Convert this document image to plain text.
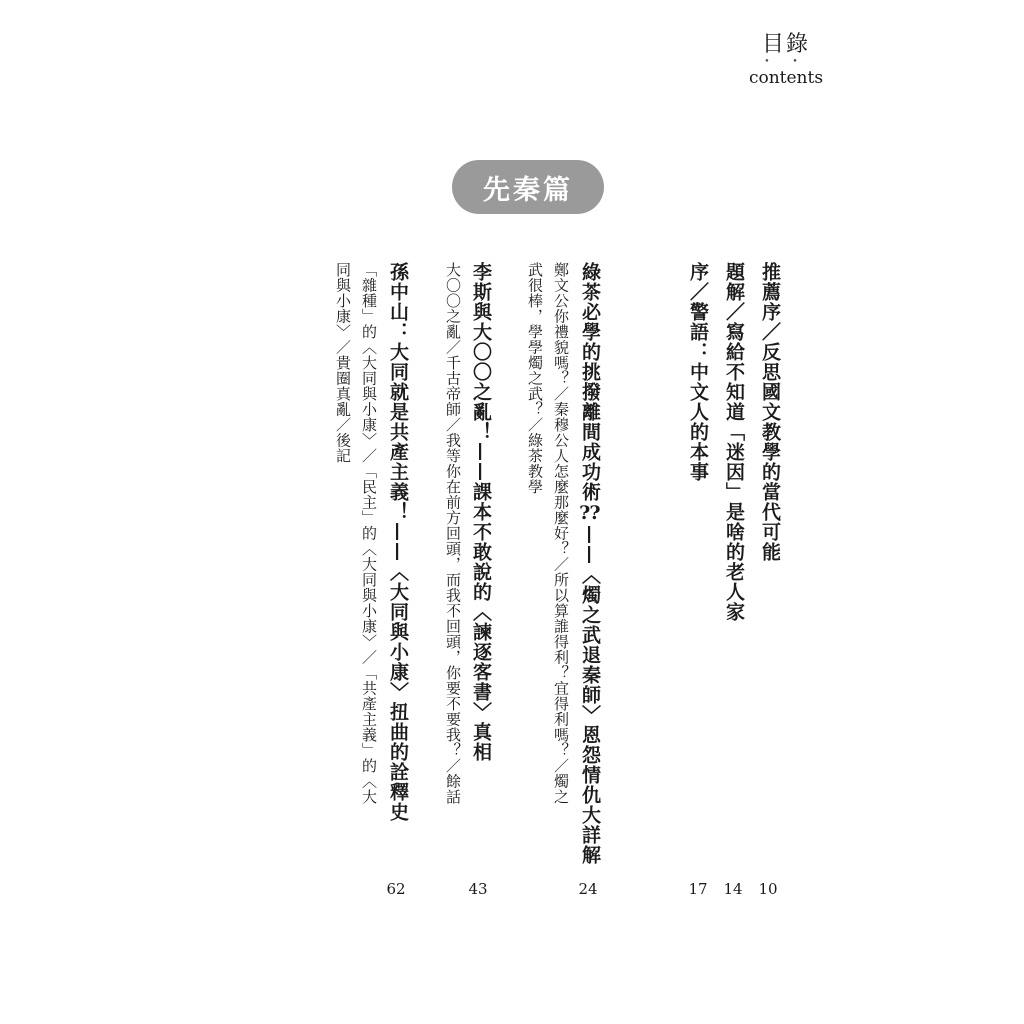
目錄
• •
contents
先秦篇
推薦序／反思國文教學的當代可能
題解／寫給不知道「迷因」是啥的老人家
序／警語：中文人的本事
綠茶必學的挑撥離間成功術⁇——〈燭之武退秦師〉恩怨情仇大詳解
鄭文公你禮貌嗎？／秦穆公人怎麼那麼好？／所以算誰得利？宜得利嗎？／燭之
武很棒，學學燭之武？／綠茶教學
李斯與大〇〇之亂！——課本不敢說的〈諫逐客書〉真相
大〇〇之亂／千古帝師／我等你在前方回頭，而我不回頭，你要不要我？／餘話
孫中山：大同就是共產主義！——〈大同與小康〉扭曲的詮釋史
「雜種」的〈大同與小康〉／「民主」的〈大同與小康〉／「共產主義」的〈大
同與小康〉／貴圈真亂／後記
10
14
17
24
43
62
